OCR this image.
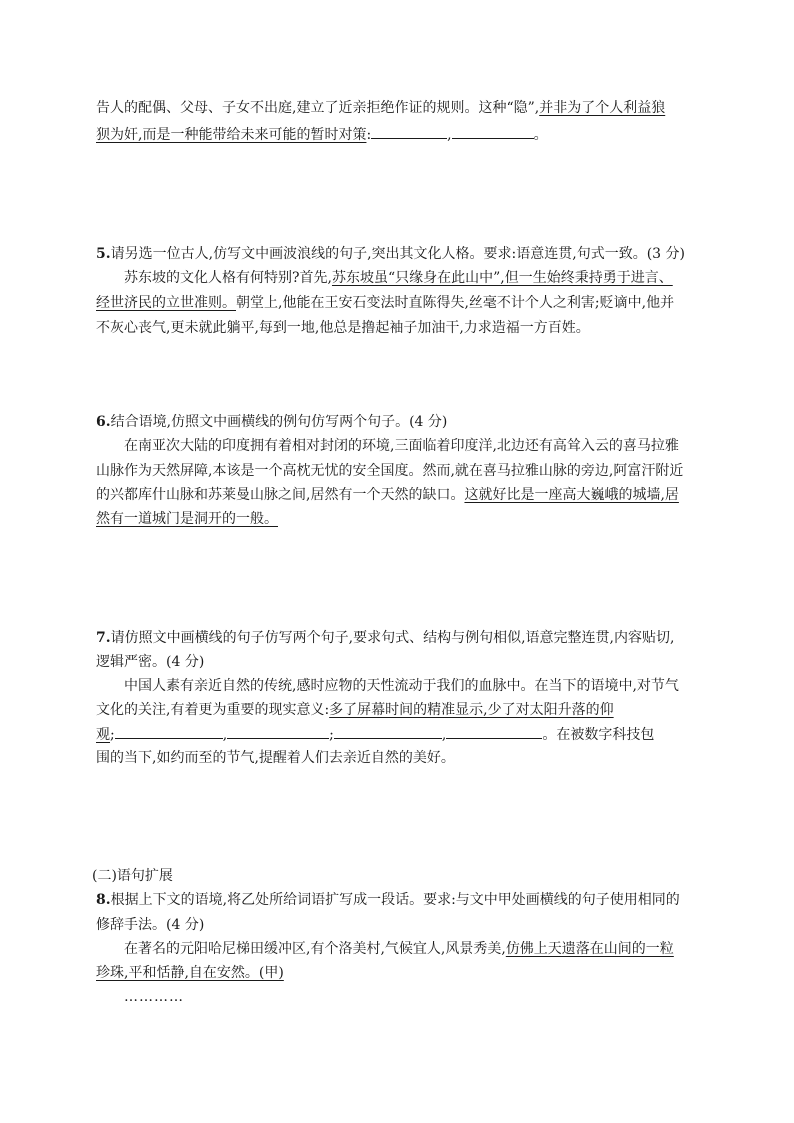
告人的配偶、父母、子女不出庭,建立了近亲拒绝作证的规则。这种“隐”,并非为了个人利益狼
狈为奸,而是一种能带给未来可能的暂时对策:	,	。
5.请另选一位古人,仿写文中画波浪线的句子,突出其文化人格。要求:语意连贯,句式一致。(3 分)
苏东坡的文化人格有何特别?首先,苏东坡虽“只缘身在此山中”,但一生始终秉持勇于进言、
经世济民的立世准则。朝堂上,他能在王安石变法时直陈得失,丝毫不计个人之利害;贬谪中,他并
不灰心丧气,更未就此躺平,每到一地,他总是撸起袖子加油干,力求造福一方百姓。
6.结合语境,仿照文中画横线的例句仿写两个句子。(4 分)
在南亚次大陆的印度拥有着相对封闭的环境,三面临着印度洋,北边还有高耸入云的喜马拉雅
山脉作为天然屏障,本该是一个高枕无忧的安全国度。然而,就在喜马拉雅山脉的旁边,阿富汗附近
的兴都库什山脉和苏莱曼山脉之间,居然有一个天然的缺口。这就好比是一座高大巍峨的城墙,居
然有一道城门是洞开的一般。
7.请仿照文中画横线的句子仿写两个句子,要求句式、结构与例句相似,语意完整连贯,内容贴切,
逻辑严密。(4 分)
中国人素有亲近自然的传统,感时应物的天性流动于我们的血脉中。在当下的语境中,对节气
文化的关注,有着更为重要的现实意义:多了屏幕时间的精准显示,少了对太阳升落的仰
观;	,	;	,	。在被数字科技包
围的当下,如约而至的节气,提醒着人们去亲近自然的美好。
(二)语句扩展
8.根据上下文的语境,将乙处所给词语扩写成一段话。要求:与文中甲处画横线的句子使用相同的
修辞手法。(4 分)
在著名的元阳哈尼梯田缓冲区,有个洛美村,气候宜人,风景秀美,仿佛上天遗落在山间的一粒
珍珠,平和恬静,自在安然。(甲)
…………
